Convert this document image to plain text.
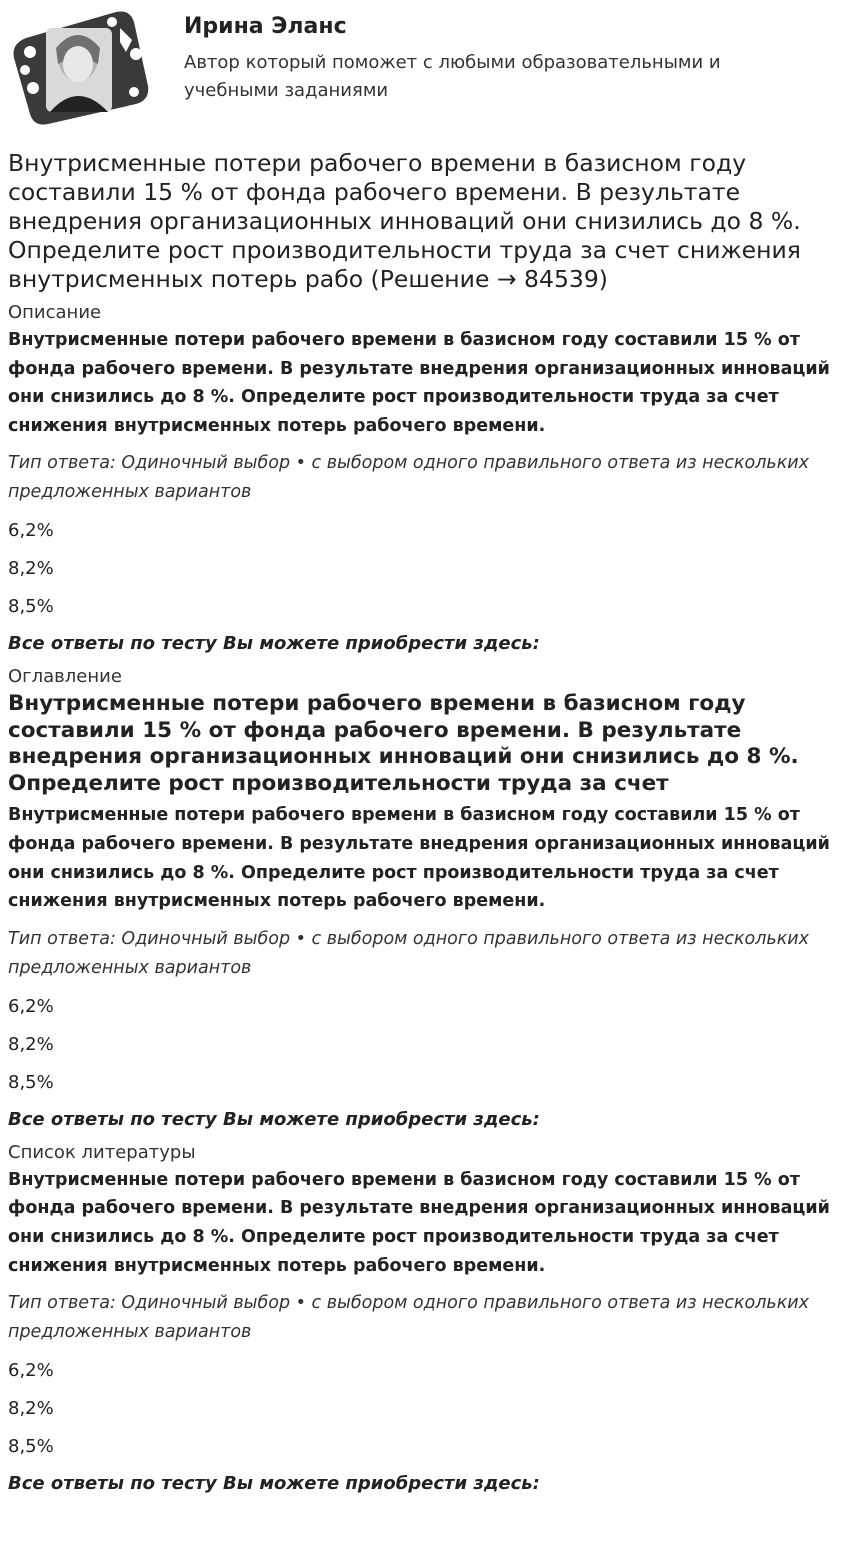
Ирина Эланс
Автор который поможет с любыми образовательными и учебными заданиями
Внутрисменные потери рабочего времени в базисном году составили 15 % от фонда рабочего времени. В результате внедрения организационных инноваций они снизились до 8 %. Определите рост производительности труда за счет снижения внутрисменных потерь рабо (Решение → 84539)
Описание
Внутрисменные потери рабочего времени в базисном году составили 15 % от фонда рабочего времени. В результате внедрения организационных инноваций они снизились до 8 %. Определите рост производительности труда за счет снижения внутрисменных потерь рабочего времени.
Тип ответа: Одиночный выбор • с выбором одного правильного ответа из нескольких предложенных вариантов
6,2%
8,2%
8,5%
Все ответы по тесту Вы можете приобрести здесь:
Оглавление
Внутрисменные потери рабочего времени в базисном году составили 15 % от фонда рабочего времени. В результате внедрения организационных инноваций они снизились до 8 %. Определите рост производительности труда за счет
Внутрисменные потери рабочего времени в базисном году составили 15 % от фонда рабочего времени. В результате внедрения организационных инноваций они снизились до 8 %. Определите рост производительности труда за счет снижения внутрисменных потерь рабочего времени.
Тип ответа: Одиночный выбор • с выбором одного правильного ответа из нескольких предложенных вариантов
6,2%
8,2%
8,5%
Все ответы по тесту Вы можете приобрести здесь:
Список литературы
Внутрисменные потери рабочего времени в базисном году составили 15 % от фонда рабочего времени. В результате внедрения организационных инноваций они снизились до 8 %. Определите рост производительности труда за счет снижения внутрисменных потерь рабочего времени.
Тип ответа: Одиночный выбор • с выбором одного правильного ответа из нескольких предложенных вариантов
6,2%
8,2%
8,5%
Все ответы по тесту Вы можете приобрести здесь:
